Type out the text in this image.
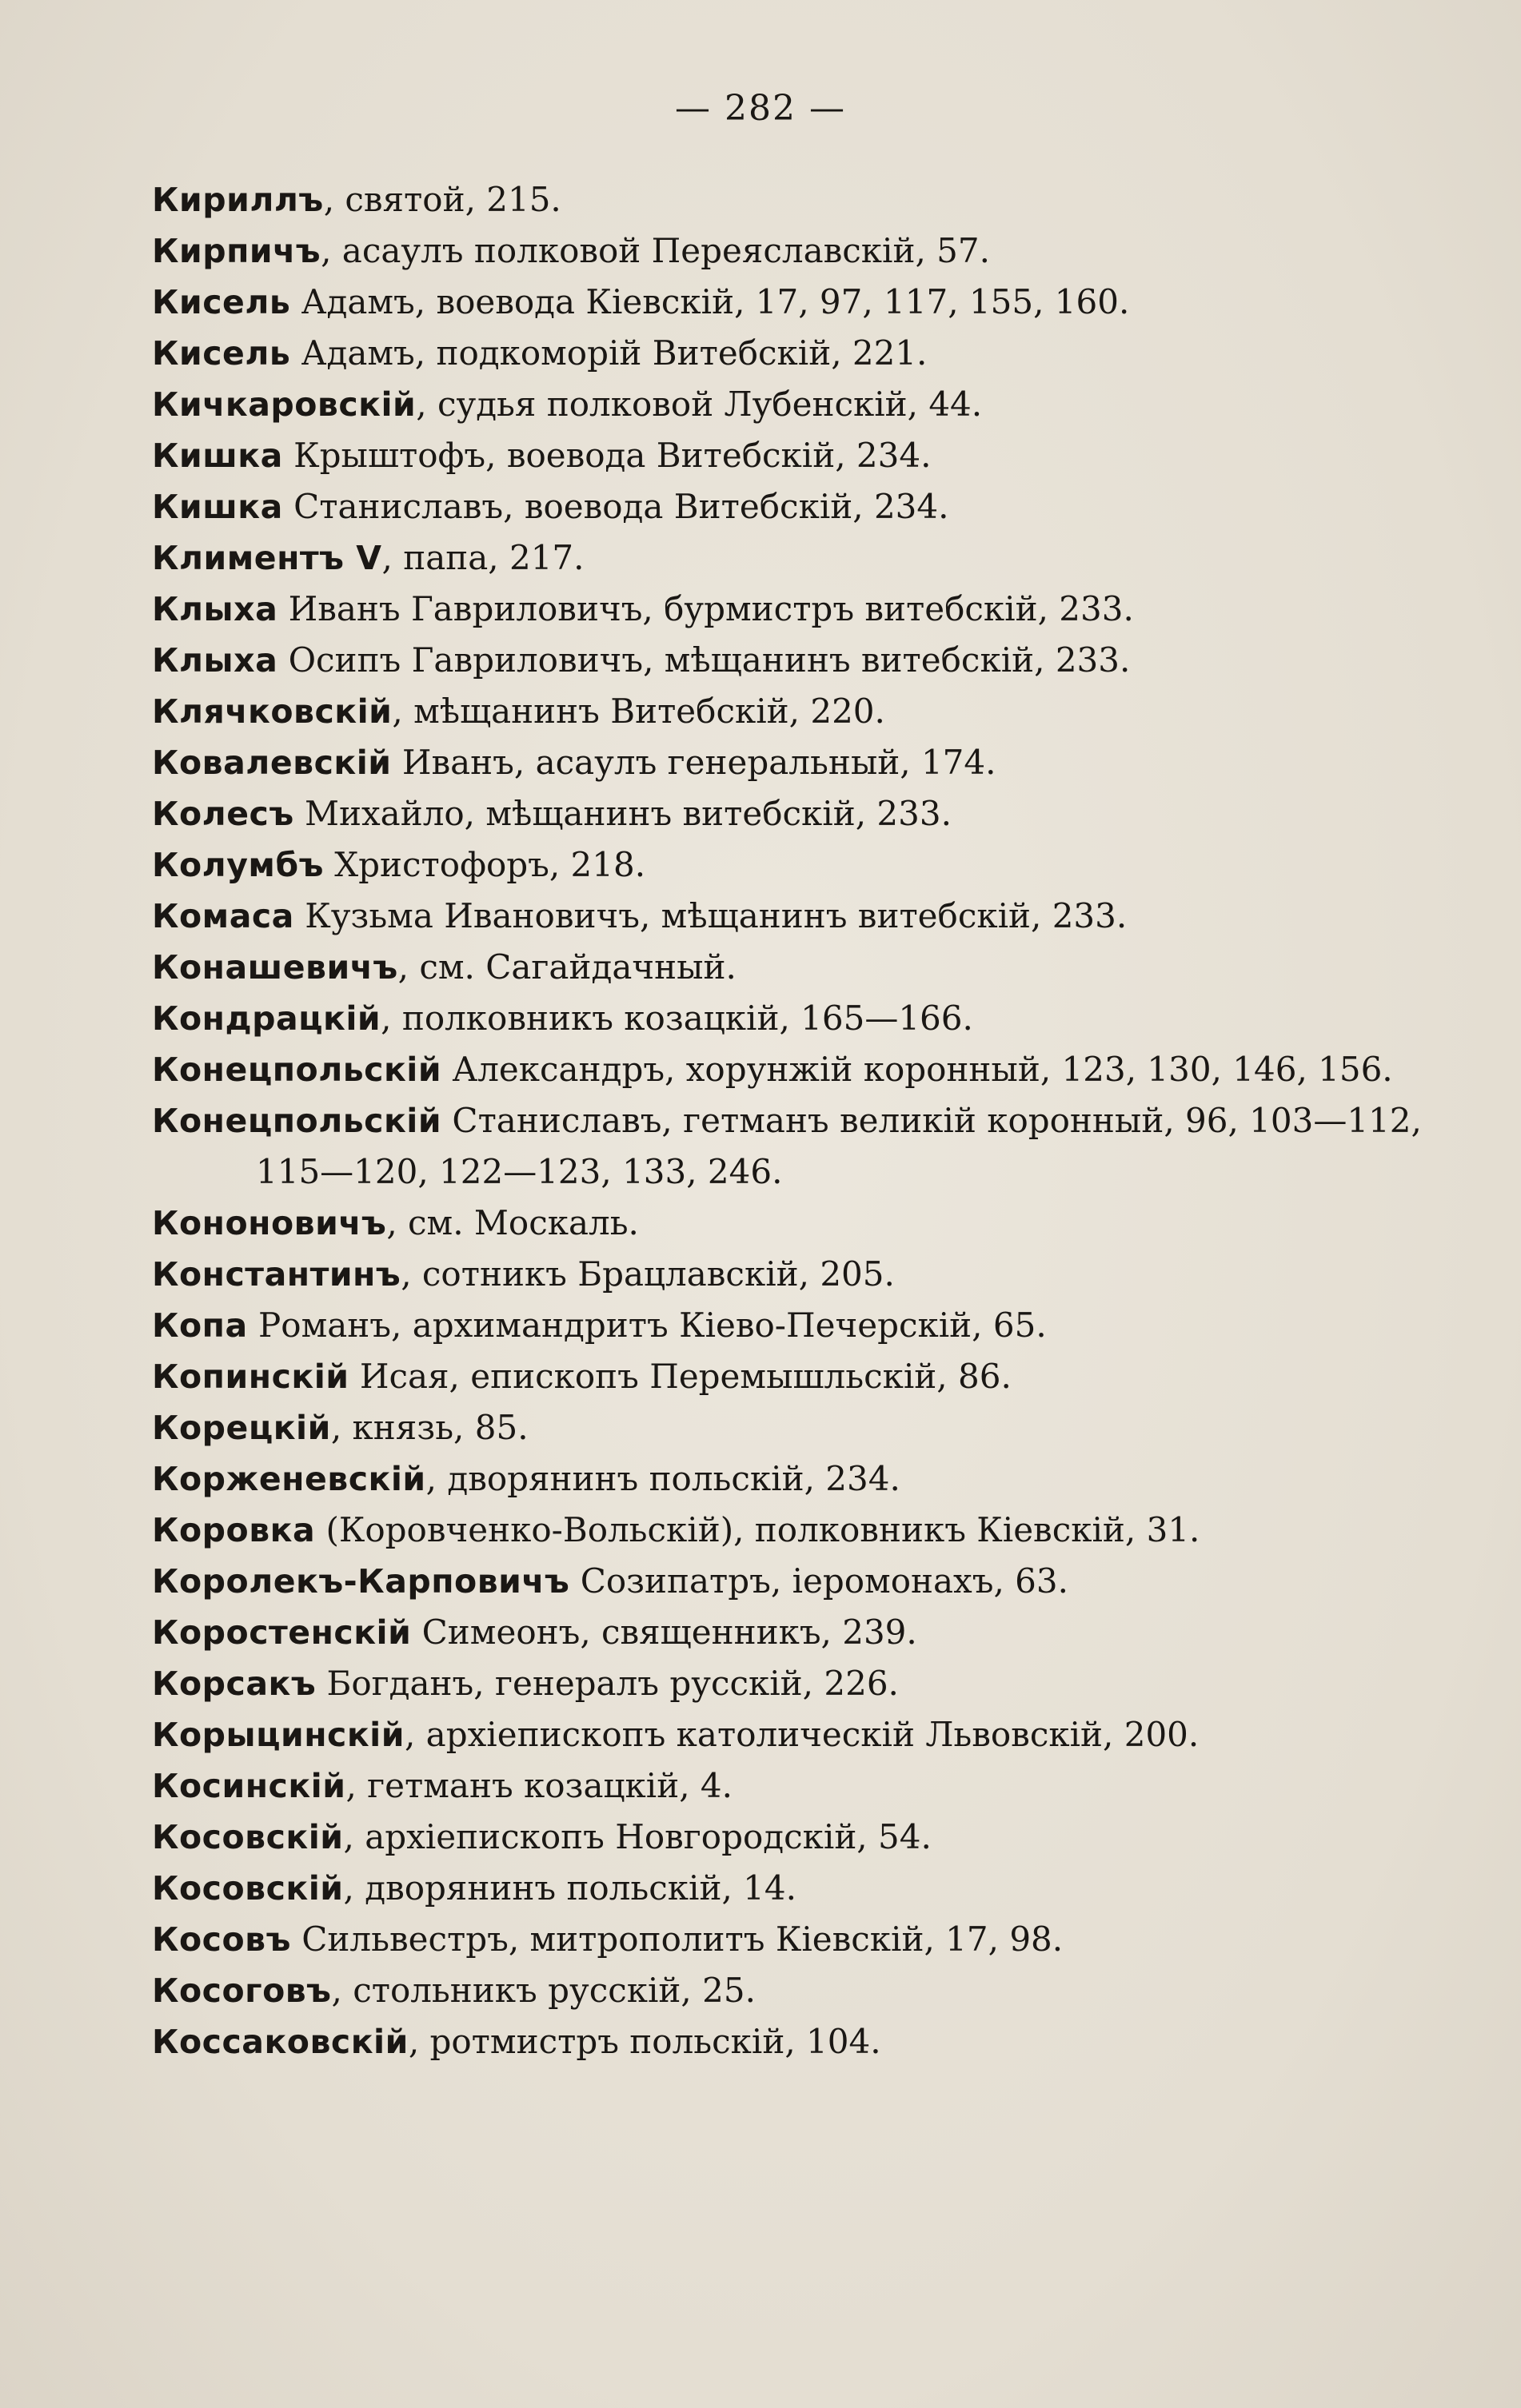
— 282 —

Кириллъ, святой, 215.

Кирпичъ, асаулъ полковой Переяславскій, 57.

Кисель Адамъ, воевода Кіевскій, 17, 97, 117, 155, 160.

Кисель Адамъ, подкоморій Витебскій, 221.

Кичкаровскій, судья полковой Лубенскій, 44.

Кишка Крыштофъ, воевода Витебскій, 234.

Кишка Станиславъ, воевода Витебскій, 234.

Климентъ V, папа, 217.

Клыха Иванъ Гавриловичъ, бурмистръ витебскій, 233.

Клыха Осипъ Гавриловичъ, мѣщанинъ витебскій, 233.

Клячковскій, мѣщанинъ Витебскій, 220.

Ковалевскій Иванъ, асаулъ генеральный, 174.

Колесъ Михайло, мѣщанинъ витебскій, 233.

Колумбъ Христофоръ, 218.

Комаса Кузьма Ивановичъ, мѣщанинъ витебскій, 233.

Конашевичъ, см. Сагайдачный.

Кондрацкій, полковникъ козацкій, 165—166.

Конецпольскій Александръ, хорунжій коронный, 123, 130, 146, 156.

Конецпольскій Станиславъ, гетманъ великій коронный, 96, 103—112, 115—120, 122—123, 133, 246.

Кононовичъ, см. Москаль.

Константинъ, сотникъ Брацлавскій, 205.

Копа Романъ, архимандритъ Кіево-Печерскій, 65.

Копинскій Исая, епископъ Перемышльскій, 86.

Корецкій, князь, 85.

Корженевскій, дворянинъ польскій, 234.

Коровка (Коровченко-Вольскій), полковникъ Кіевскій, 31.

Королекъ-Карповичъ Созипатръ, іеромонахъ, 63.

Коростенскій Симеонъ, священникъ, 239.

Корсакъ Богданъ, генералъ русскій, 226.

Корыцинскій, архіепископъ католическій Львовскій, 200.

Косинскій, гетманъ козацкій, 4.

Косовскій, архіепископъ Новгородскій, 54.

Косовскій, дворянинъ польскій, 14.

Косовъ Сильвестръ, митрополитъ Кіевскій, 17, 98.

Косоговъ, стольникъ русскій, 25.

Коссаковскій, ротмистръ польскій, 104.
